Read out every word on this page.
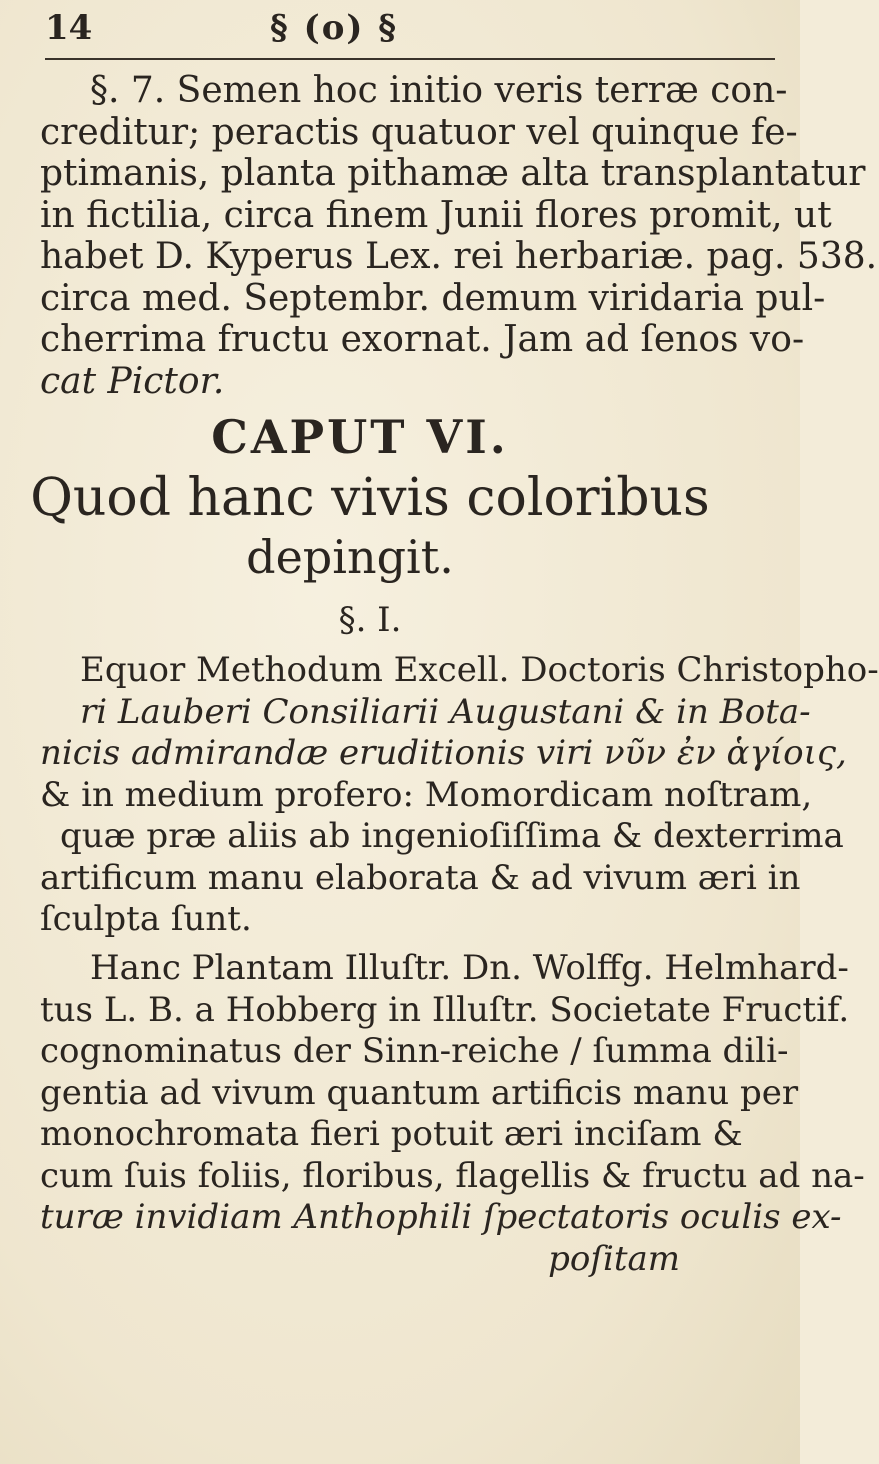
14	§ (o) §
§. 7. Semen hoc initio veris terræ con-
creditur; peractis quatuor vel quinque fe-
ptimanis, planta pithamæ alta transplantatur
in fictilia, circa finem Junii flores promit, ut
habet D. Kyperus Lex. rei herbariæ. pag. 538.
circa med. Septembr. demum viridaria pul-
cherrima fructu exornat. Jam ad ſenos vo-
cat Pictor.

CAPUT VI.

Quod hanc vivis coloribus

depingit.

§. I.

Equor Methodum Excell. Doctoris Christopho-
ri Lauberi Consiliarii Augustani & in Bota-
nicis admirandæ eruditionis viri νῦν ἐν ἁγίοις,
& in medium profero: Momordicam noſtram,
quæ præ aliis ab ingenioſiſſima & dexterrima
artificum manu elaborata & ad vivum æri in
ſculpta ſunt.
Hanc Plantam Illuſtr. Dn. Wolffg. Helmhard-
tus L. B. a Hobberg in Illuſtr. Societate Fructif.
cognominatus der Sinn-reiche / ſumma dili-
gentia ad vivum quantum artificis manu per
monochromata fieri potuit æri inciſam &
cum ſuis foliis, floribus, flagellis & fructu ad na-
turæ invidiam Anthophili ſpectatoris oculis ex-
poſitam
